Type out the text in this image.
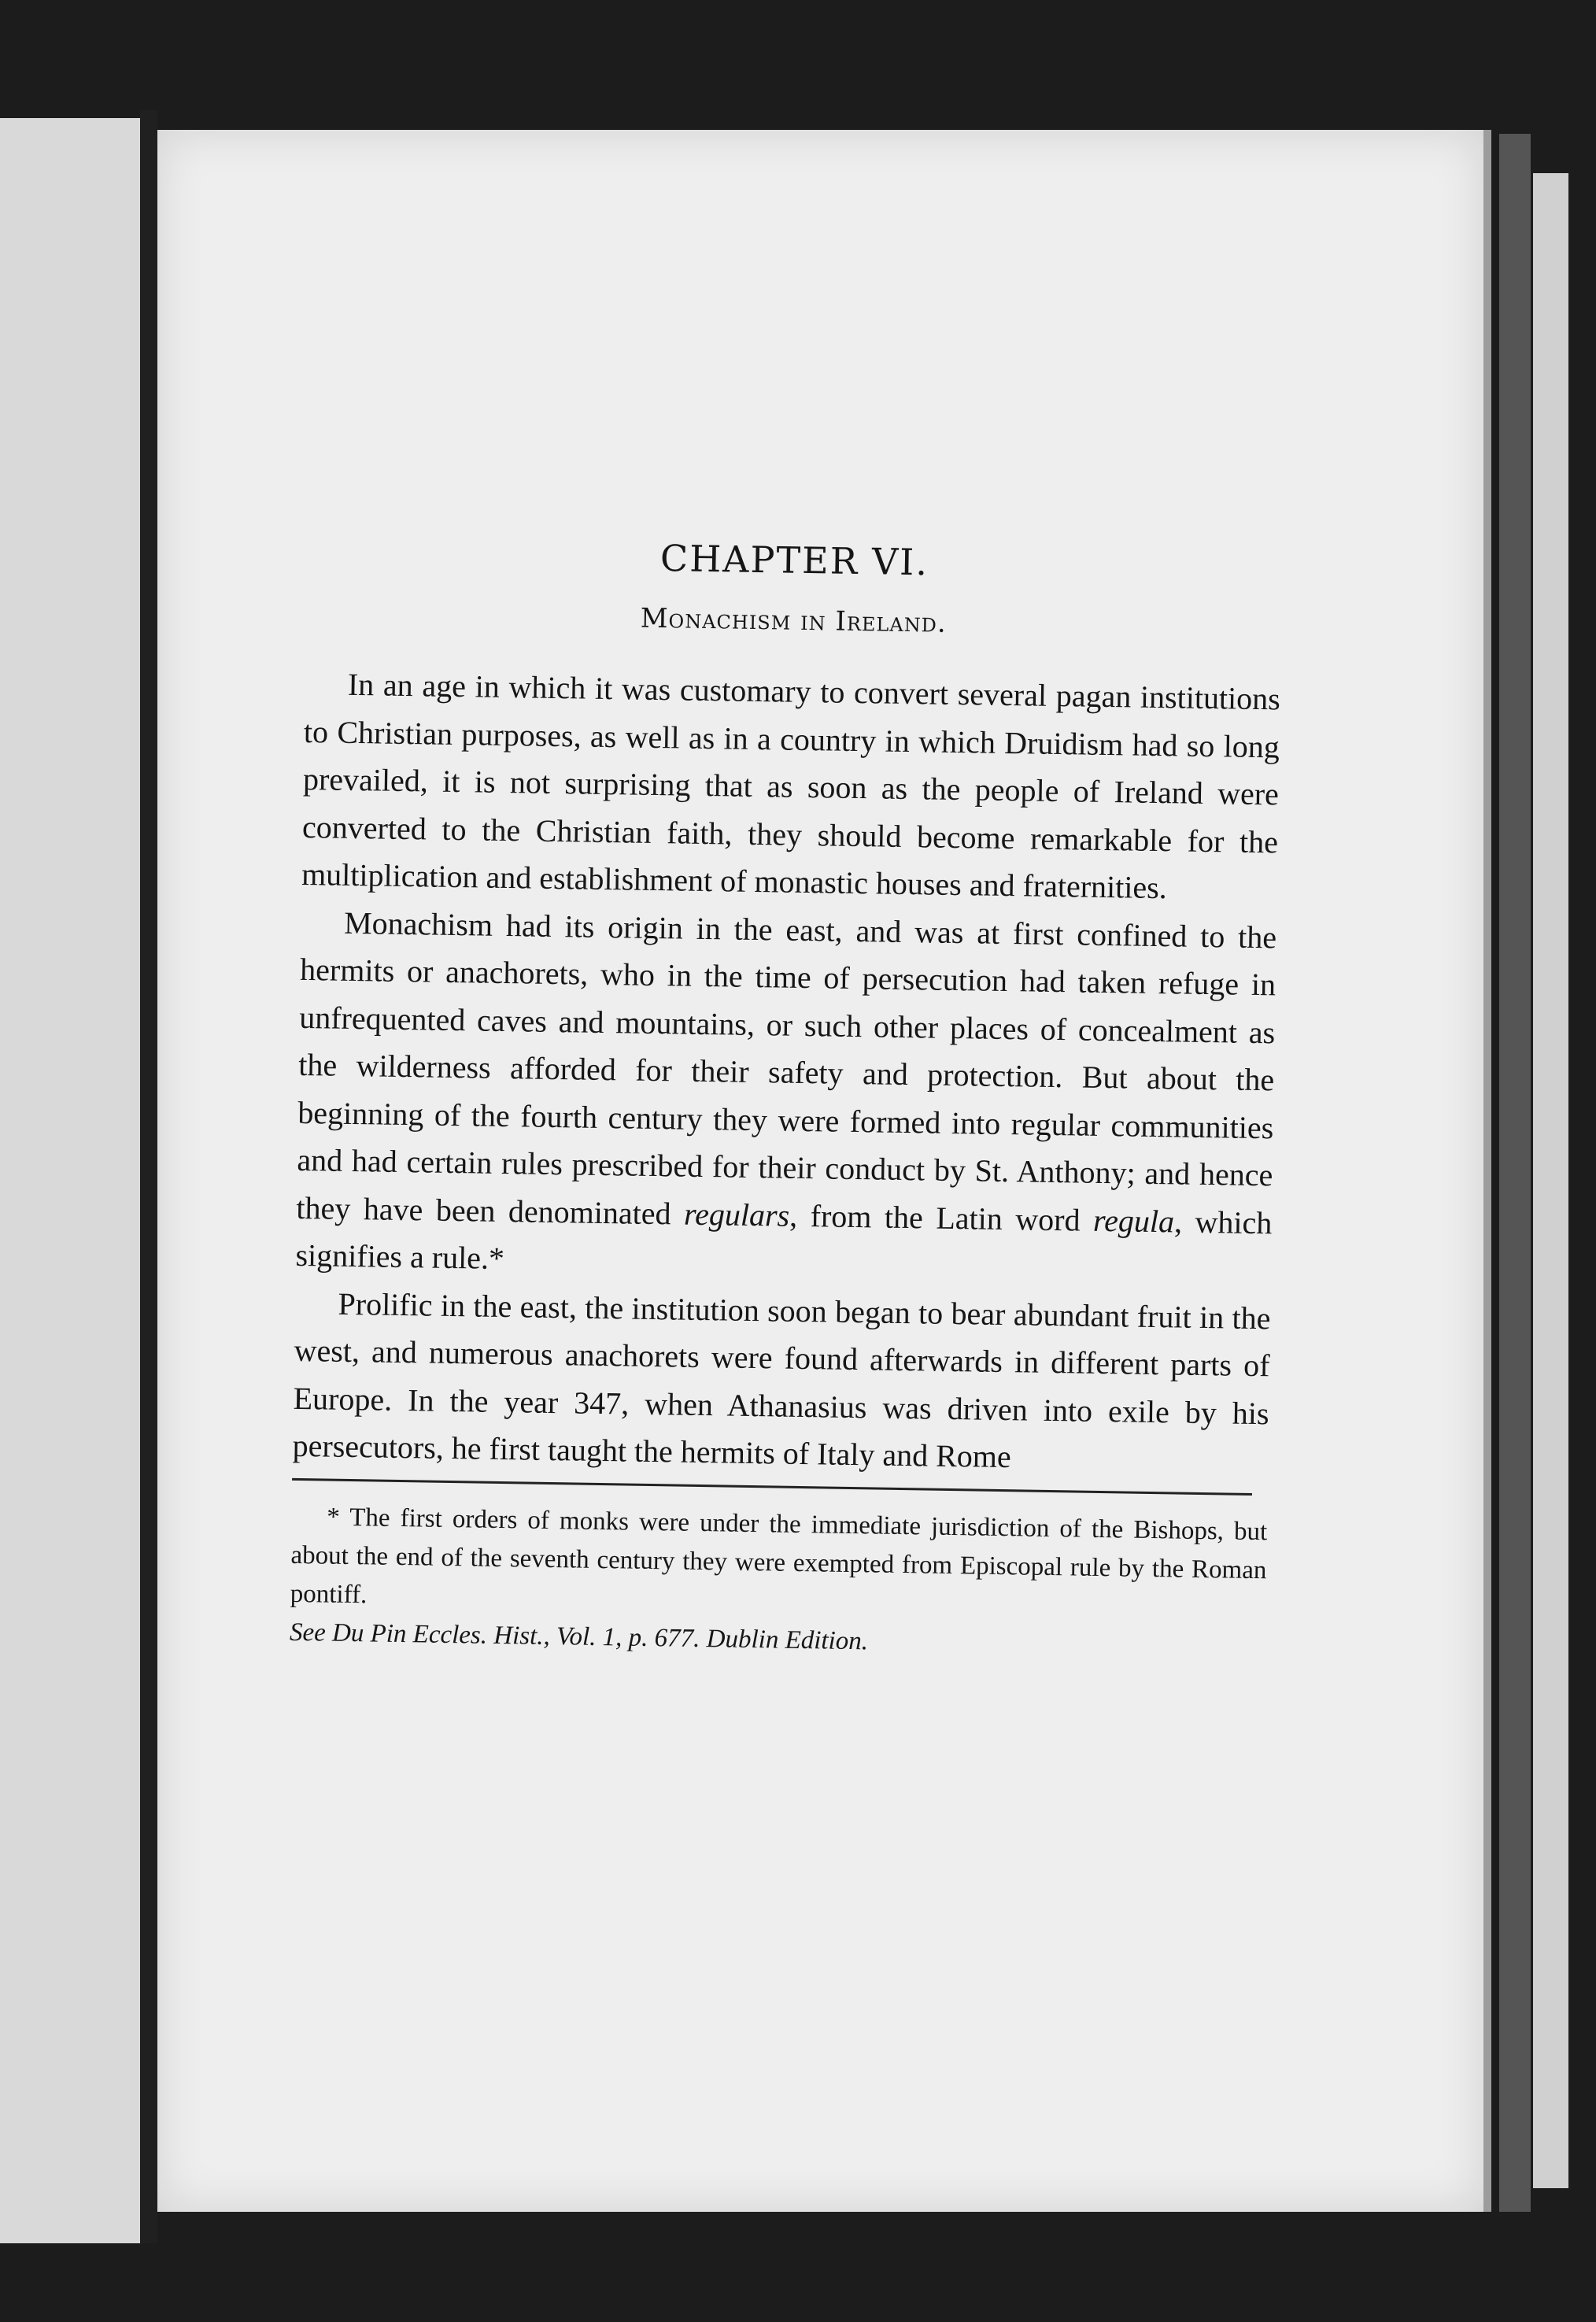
CHAPTER VI.
Monachism in Ireland.

In an age in which it was customary to convert several pagan institutions to Christian purposes, as well as in a country in which Druidism had so long prevailed, it is not surprising that as soon as the people of Ireland were converted to the Christian faith, they should become remarkable for the multiplication and establishment of monastic houses and fraternities.

Monachism had its origin in the east, and was at first confined to the hermits or anachorets, who in the time of persecution had taken refuge in unfrequented caves and mountains, or such other places of concealment as the wilderness afforded for their safety and protection. But about the beginning of the fourth century they were formed into regular communities and had certain rules prescribed for their conduct by St. Anthony; and hence they have been denominated regulars, from the Latin word regula, which signifies a rule.*

Prolific in the east, the institution soon began to bear abundant fruit in the west, and numerous anachorets were found afterwards in different parts of Europe. In the year 347, when Athanasius was driven into exile by his persecutors, he first taught the hermits of Italy and Rome

* The first orders of monks were under the immediate jurisdiction of the Bishops, but about the end of the seventh century they were exempted from Episcopal rule by the Roman pontiff.
See Du Pin Eccles. Hist., Vol. 1, p. 677. Dublin Edition.
